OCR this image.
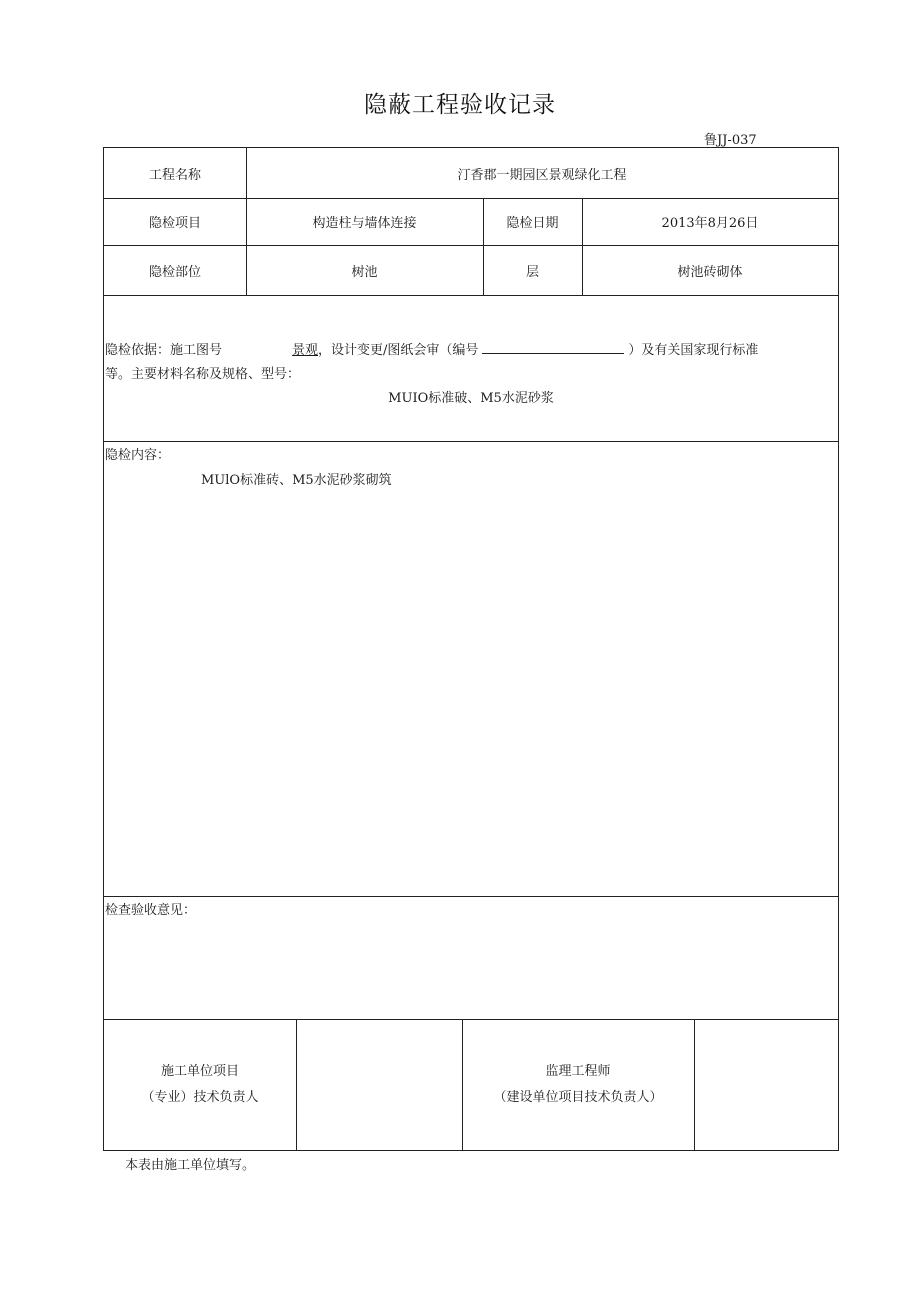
隐蔽工程验收记录
鲁JJ-037
工程名称	汀香郡一期园区景观绿化工程
隐检项目	构造柱与墙体连接	隐检日期	2013年8月26日
隐检部位	树池	层	树池砖砌体
隐检依据：施工图号	景观，设计变更/图纸会审（编号	）及有关国家现行标准
等。主要材料名称及规格、型号：
MUIO标准破、M5水泥砂浆
隐检内容：
MUlO标准砖、M5水泥砂浆砌筑
检查验收意见：
施工单位项目
（专业）技术负责人
监理工程师
（建设单位项目技术负责人）
本表由施工单位填写。
